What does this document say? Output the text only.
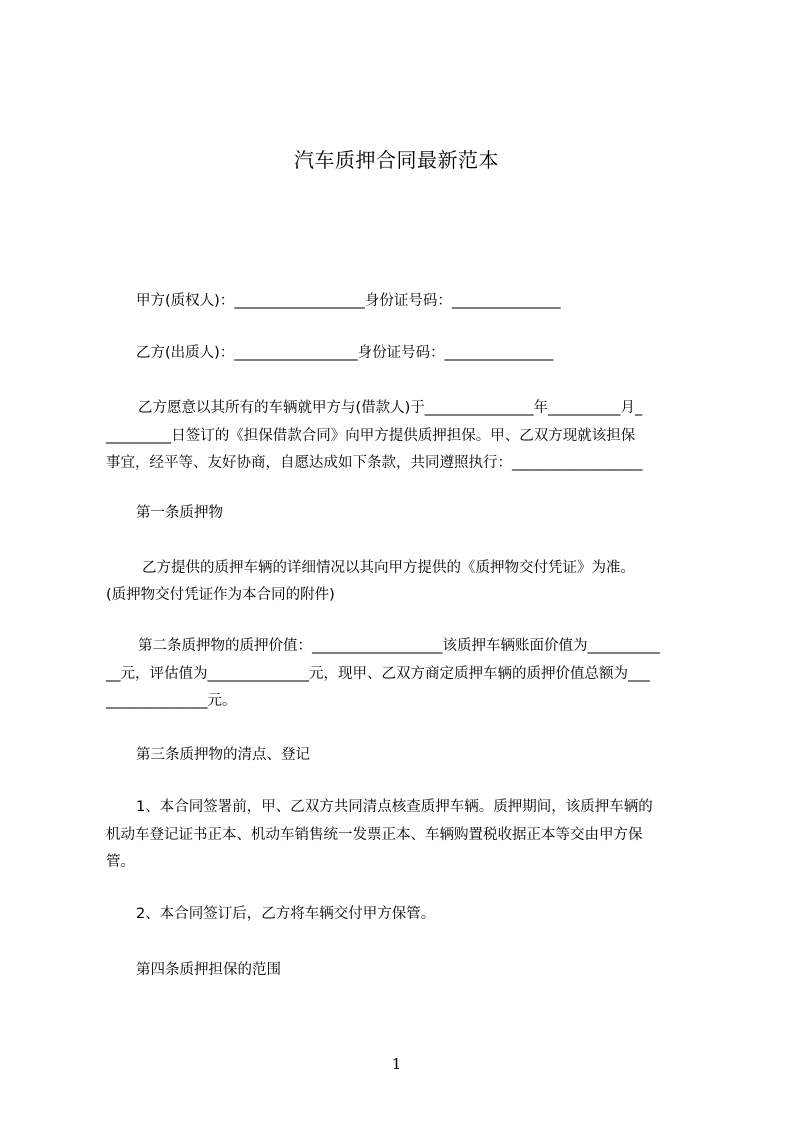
汽车质押合同最新范本
甲方(质权人)：__________________身份证号码：_______________
乙方(出质人)：_________________身份证号码：_______________
乙方愿意以其所有的车辆就甲方与(借款人)于_______________年__________月_
_________日签订的《担保借款合同》向甲方提供质押担保。甲、乙双方现就该担保
事宜，经平等、友好协商，自愿达成如下条款，共同遵照执行：__________________
第一条质押物
乙方提供的质押车辆的详细情况以其向甲方提供的《质押物交付凭证》为准。
(质押物交付凭证作为本合同的附件)
第二条质押物的质押价值：__________________该质押车辆账面价值为__________
__元，评估值为______________元，现甲、乙双方商定质押车辆的质押价值总额为___
______________元。
第三条质押物的清点、登记
1、本合同签署前，甲、乙双方共同清点核查质押车辆。质押期间，该质押车辆的
机动车登记证书正本、机动车销售统一发票正本、车辆购置税收据正本等交由甲方保
管。
2、本合同签订后，乙方将车辆交付甲方保管。
第四条质押担保的范围
1
